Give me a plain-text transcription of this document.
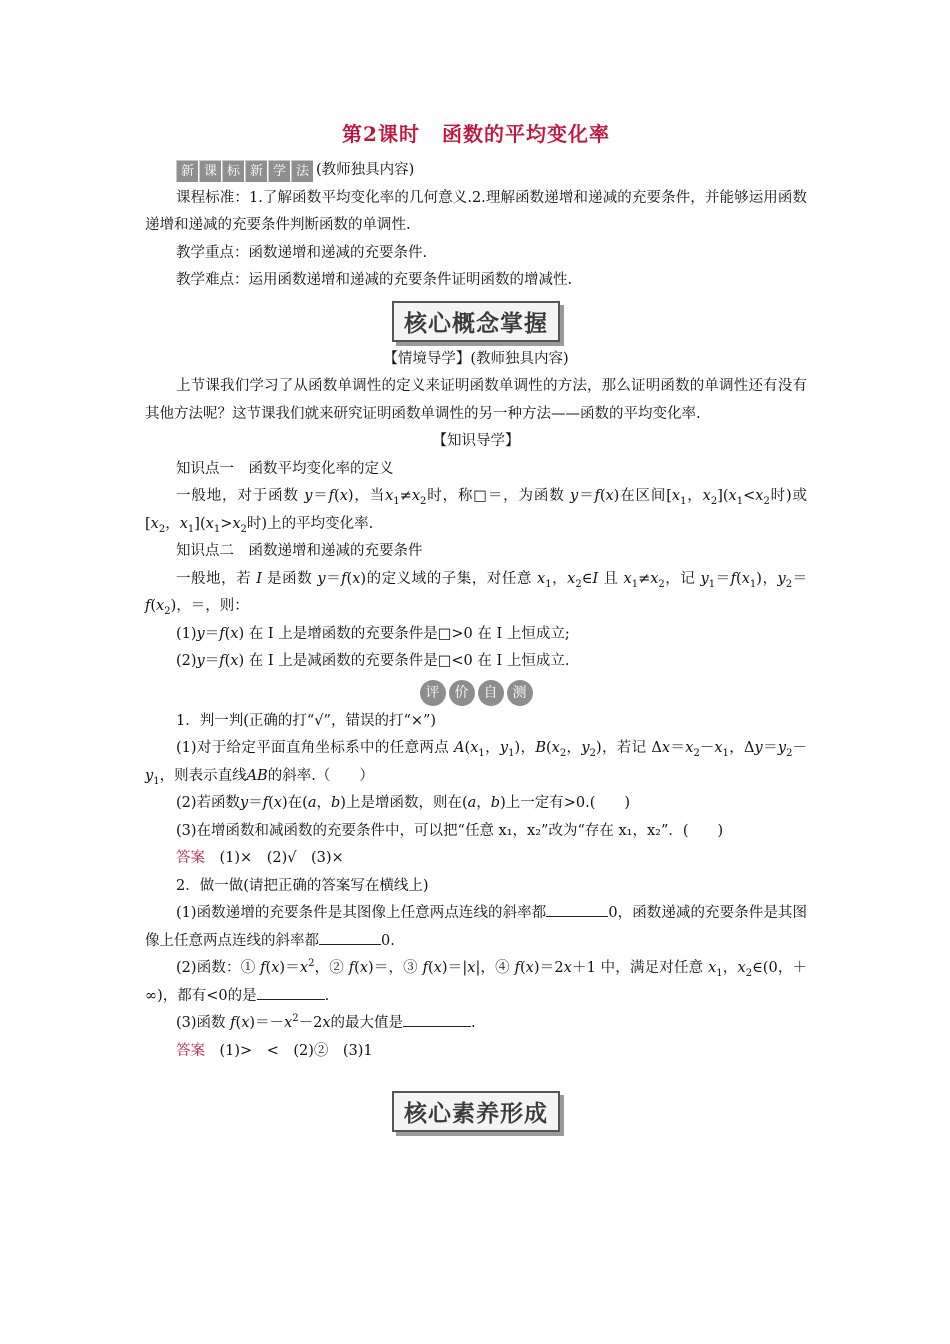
第2课时 函数的平均变化率
新 课 标 新 学 法 (教师独具内容)

课程标准：1.了解函数平均变化率的几何意义.2.理解函数递增和递减的充要条件，并能够运用函数递增和递减的充要条件判断函数的单调性.

教学重点：函数递增和递减的充要条件.

教学难点：运用函数递增和递减的充要条件证明函数的增减性.

核心概念掌握

【情境导学】(教师独具内容)

上节课我们学习了从函数单调性的定义来证明函数单调性的方法，那么证明函数的单调性还有没有其他方法呢？这节课我们就来研究证明函数单调性的另一种方法——函数的平均变化率.

【知识导学】

知识点一　函数平均变化率的定义

一般地，对于函数 y＝f(x)，当$x_1\ne x_2$时，称□＝，为函数 y＝f(x)在区间[$x_1$，$x_2](x_1<x_2$时)或[$x_2$，$x_1](x_1>x_2$时)上的平均变化率.

知识点二　函数递增和递减的充要条件

一般地，若 I 是函数 y＝f(x)的定义域的子集，对任意 $x_1$，$x_2\in I$ 且 $x_1\ne x_2$，记 $y_1=f(x_1)$，$y_2=f(x_2)$，＝，则：

(1)y＝f(x) 在 I 上是增函数的充要条件是□>0 在 I 上恒成立;

(2)y＝f(x) 在 I 上是减函数的充要条件是□<0 在 I 上恒成立.

评	价	自	测

1．判一判(正确的打“√”，错误的打“×”)

(1)对于给定平面直角坐标系中的任意两点 $A(x_1$，$y_1$)，$B(x_2$，$y_2$)，若记 $\Delta x=x_2-x_1$，$\Delta y=y_2-y_1$，则表示直线AB的斜率.（　　）

(2)若函数y＝f(x)在(a，b)上是增函数，则在(a，b)上一定有>0.(　　)

(3)在增函数和减函数的充要条件中，可以把“任意 x₁，x₂”改为“存在 x₁，x₂”．(　　)

答案　 (1)×　(2)√　(3)×

2．做一做(请把正确的答案写在横线上)

(1)函数递增的充要条件是其图像上任意两点连线的斜率都	0，函数递减的充要条件是其图像上任意两点连线的斜率都	0.

(2)函数：① $f(x)=x^2$，② f(x)＝，③ f(x)＝|x|，④ f(x)＝2x＋1 中，满足对任意 $x_1$，$x_2\in(0$，＋∞)，都有<0的是	.

(3)函数 $f(x)=-x^2-2x$的最大值是	.

答案　 (1)>　<　(2)②　(3)1

核心素养形成
